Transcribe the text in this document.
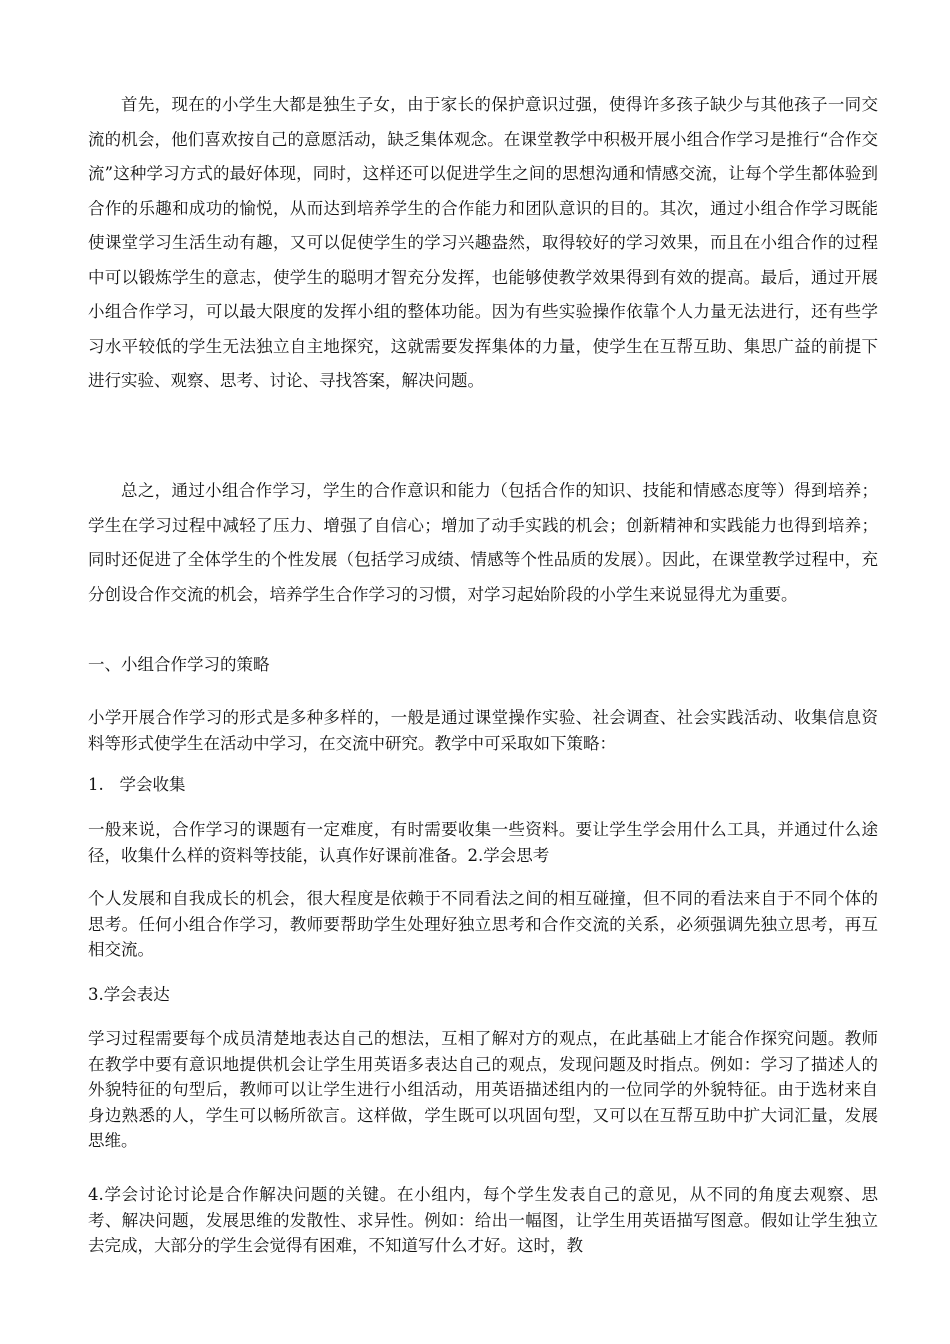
首先，现在的小学生大都是独生子女，由于家长的保护意识过强，使得许多孩子缺少与其他孩子一同交流的机会，他们喜欢按自己的意愿活动，缺乏集体观念。在课堂教学中积极开展小组合作学习是推行“合作交流”这种学习方式的最好体现，同时，这样还可以促进学生之间的思想沟通和情感交流，让每个学生都体验到合作的乐趣和成功的愉悦，从而达到培养学生的合作能力和团队意识的目的。其次，通过小组合作学习既能使课堂学习生活生动有趣，又可以促使学生的学习兴趣盎然，取得较好的学习效果，而且在小组合作的过程中可以锻炼学生的意志，使学生的聪明才智充分发挥，也能够使教学效果得到有效的提高。最后，通过开展小组合作学习，可以最大限度的发挥小组的整体功能。因为有些实验操作依靠个人力量无法进行，还有些学习水平较低的学生无法独立自主地探究，这就需要发挥集体的力量，使学生在互帮互助、集思广益的前提下进行实验、观察、思考、讨论、寻找答案，解决问题。

总之，通过小组合作学习，学生的合作意识和能力（包括合作的知识、技能和情感态度等）得到培养；学生在学习过程中减轻了压力、增强了自信心；增加了动手实践的机会；创新精神和实践能力也得到培养；同时还促进了全体学生的个性发展（包括学习成绩、情感等个性品质的发展）。因此，在课堂教学过程中，充分创设合作交流的机会，培养学生合作学习的习惯，对学习起始阶段的小学生来说显得尤为重要。

一、小组合作学习的策略

小学开展合作学习的形式是多种多样的，一般是通过课堂操作实验、社会调查、社会实践活动、收集信息资料等形式使学生在活动中学习，在交流中研究。教学中可采取如下策略：

1.   学会收集

一般来说，合作学习的课题有一定难度，有时需要收集一些资料。要让学生学会用什么工具，并通过什么途径，收集什么样的资料等技能，认真作好课前准备。2.学会思考

个人发展和自我成长的机会，很大程度是依赖于不同看法之间的相互碰撞，但不同的看法来自于不同个体的思考。任何小组合作学习，教师要帮助学生处理好独立思考和合作交流的关系，必须强调先独立思考，再互相交流。

3.学会表达

学习过程需要每个成员清楚地表达自己的想法，互相了解对方的观点，在此基础上才能合作探究问题。教师在教学中要有意识地提供机会让学生用英语多表达自己的观点，发现问题及时指点。例如：学习了描述人的外貌特征的句型后，教师可以让学生进行小组活动，用英语描述组内的一位同学的外貌特征。由于选材来自身边熟悉的人，学生可以畅所欲言。这样做，学生既可以巩固句型，又可以在互帮互助中扩大词汇量，发展思维。

4.学会讨论讨论是合作解决问题的关键。在小组内，每个学生发表自己的意见，从不同的角度去观察、思考、解决问题，发展思维的发散性、求异性。例如：给出一幅图，让学生用英语描写图意。假如让学生独立去完成，大部分的学生会觉得有困难，不知道写什么才好。这时，教
